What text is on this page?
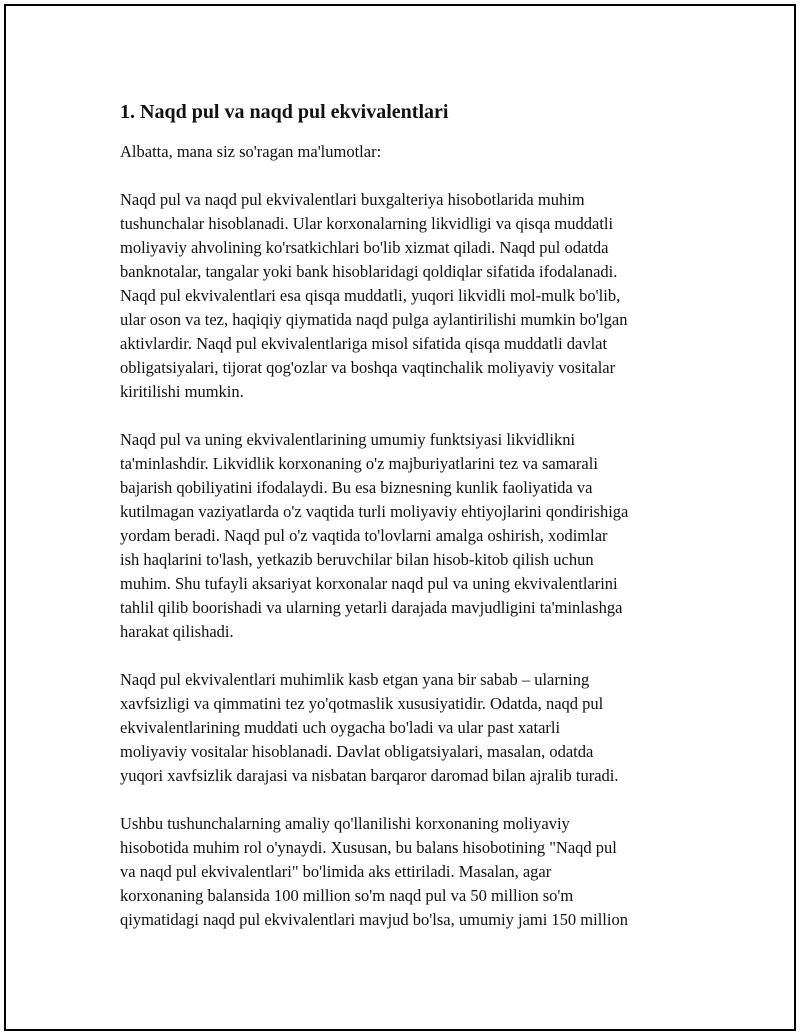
1. Naqd pul va naqd pul ekvivalentlari
Albatta, mana siz so'ragan ma'lumotlar:
Naqd pul va naqd pul ekvivalentlari buxgalteriya hisobotlarida muhim
tushunchalar hisoblanadi. Ular korxonalarning likvidligi va qisqa muddatli
moliyaviy ahvolining ko'rsatkichlari bo'lib xizmat qiladi. Naqd pul odatda
banknotalar, tangalar yoki bank hisoblaridagi qoldiqlar sifatida ifodalanadi.
Naqd pul ekvivalentlari esa qisqa muddatli, yuqori likvidli mol-mulk bo'lib,
ular oson va tez, haqiqiy qiymatida naqd pulga aylantirilishi mumkin bo'lgan
aktivlardir. Naqd pul ekvivalentlariga misol sifatida qisqa muddatli davlat
obligatsiyalari, tijorat qog'ozlar va boshqa vaqtinchalik moliyaviy vositalar
kiritilishi mumkin.
Naqd pul va uning ekvivalentlarining umumiy funktsiyasi likvidlikni
ta'minlashdir. Likvidlik korxonaning o'z majburiyatlarini tez va samarali
bajarish qobiliyatini ifodalaydi. Bu esa biznesning kunlik faoliyatida va
kutilmagan vaziyatlarda o'z vaqtida turli moliyaviy ehtiyojlarini qondirishiga
yordam beradi. Naqd pul o'z vaqtida to'lovlarni amalga oshirish, xodimlar
ish haqlarini to'lash, yetkazib beruvchilar bilan hisob-kitob qilish uchun
muhim. Shu tufayli aksariyat korxonalar naqd pul va uning ekvivalentlarini
tahlil qilib boorishadi va ularning yetarli darajada mavjudligini ta'minlashga
harakat qilishadi.
Naqd pul ekvivalentlari muhimlik kasb etgan yana bir sabab – ularning
xavfsizligi va qimmatini tez yo'qotmaslik xususiyatidir. Odatda, naqd pul
ekvivalentlarining muddati uch oygacha bo'ladi va ular past xatarli
moliyaviy vositalar hisoblanadi. Davlat obligatsiyalari, masalan, odatda
yuqori xavfsizlik darajasi va nisbatan barqaror daromad bilan ajralib turadi.
Ushbu tushunchalarning amaliy qo'llanilishi korxonaning moliyaviy
hisobotida muhim rol o'ynaydi. Xususan, bu balans hisobotining "Naqd pul
va naqd pul ekvivalentlari" bo'limida aks ettiriladi. Masalan, agar
korxonaning balansida 100 million so'm naqd pul va 50 million so'm
qiymatidagi naqd pul ekvivalentlari mavjud bo'lsa, umumiy jami 150 million
